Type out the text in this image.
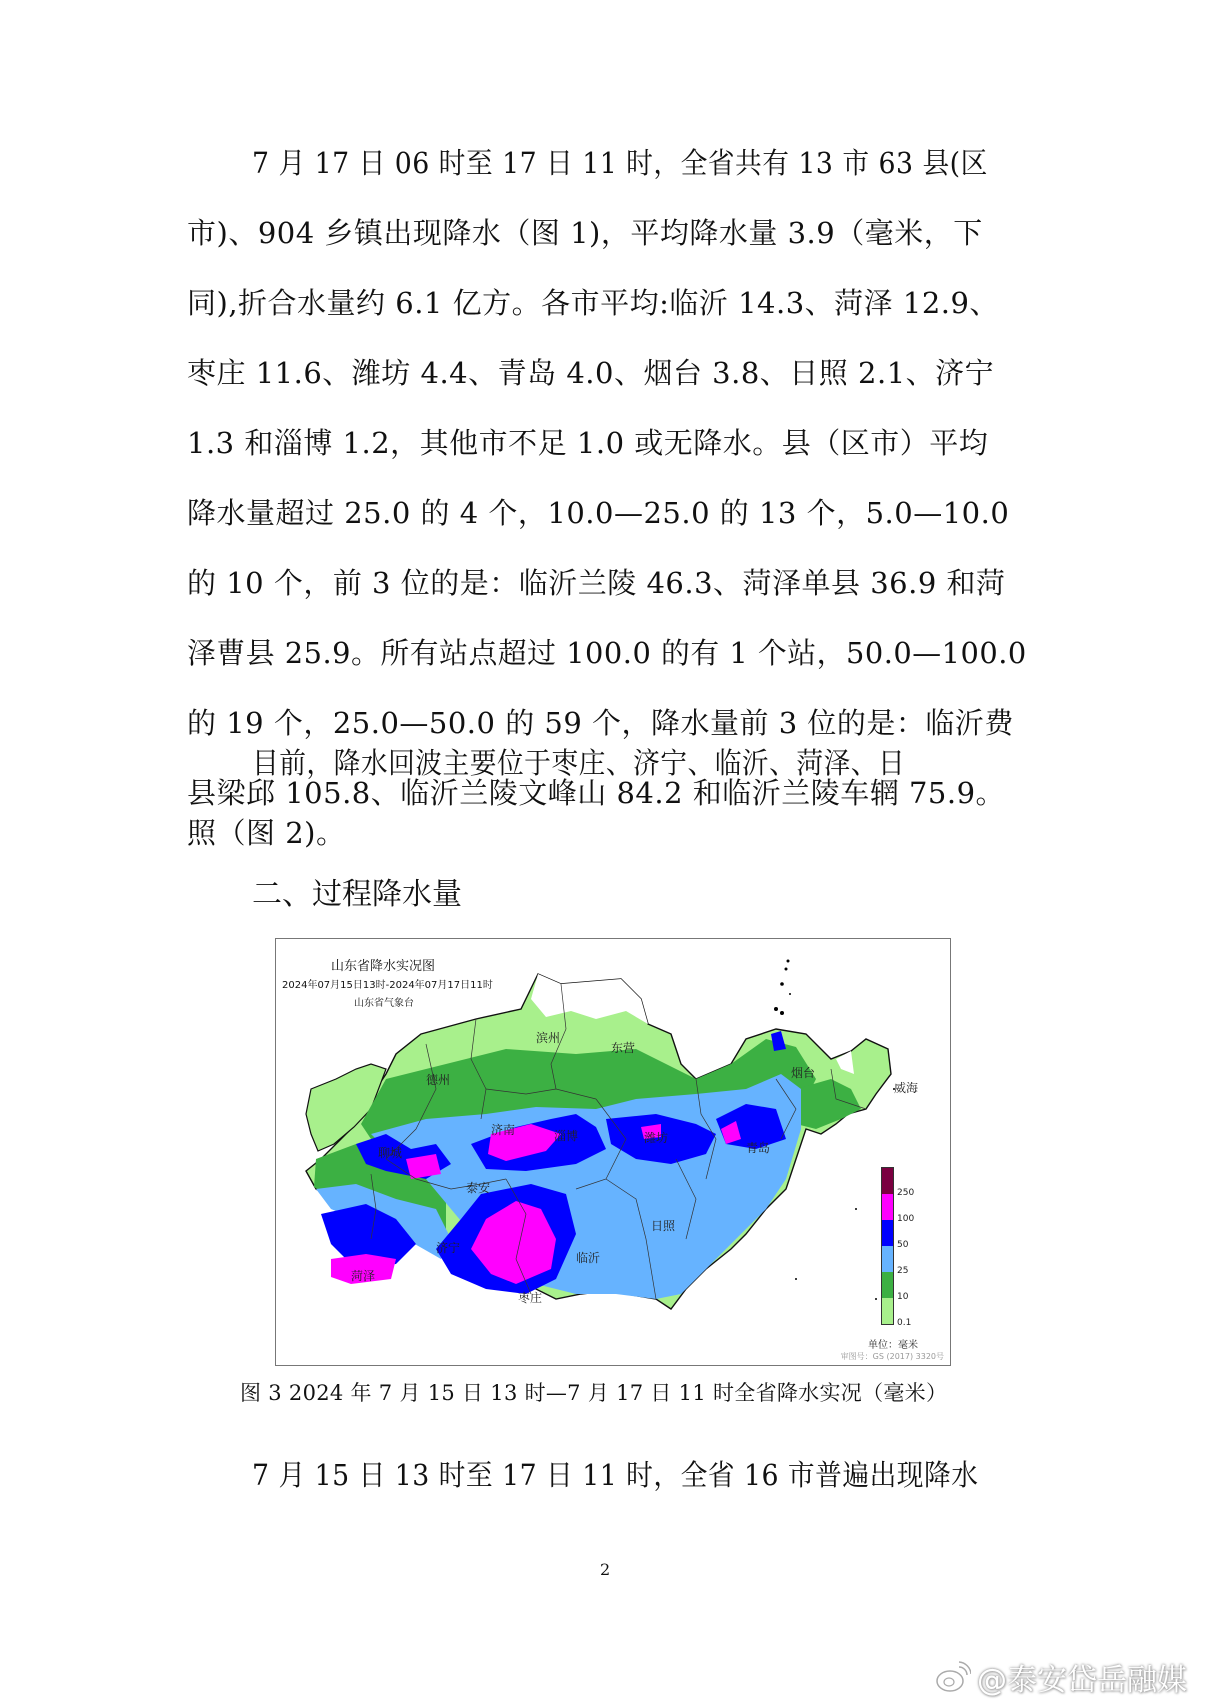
7 月 17 日 06 时至 17 日 11 时，全省共有 13 市 63 县(区
市)、904 乡镇出现降水（图 1)，平均降水量 3.9（毫米，下
同),折合水量约 6.1 亿方。各市平均:临沂 14.3、菏泽 12.9、
枣庄 11.6、潍坊 4.4、青岛 4.0、烟台 3.8、日照 2.1、济宁
1.3 和淄博 1.2，其他市不足 1.0 或无降水。县（区市）平均
降水量超过 25.0 的 4 个，10.0—25.0 的 13 个，5.0—10.0
的 10 个，前 3 位的是：临沂兰陵 46.3、菏泽单县 36.9 和菏
泽曹县 25.9。所有站点超过 100.0 的有 1 个站，50.0—100.0
的 19 个，25.0—50.0 的 59 个，降水量前 3 位的是：临沂费
县梁邱 105.8、临沂兰陵文峰山 84.2 和临沂兰陵车辋 75.9。
目前，降水回波主要位于枣庄、济宁、临沂、菏泽、日
照（图 2)。
二、过程降水量
山东省降水实况图
2024年07月15日13时-2024年07月17日11时
山东省气象台
滨州
东营
德州	烟台
威海
济南	淄博	潍坊
青岛
聊城
泰安
日照
济宁
临沂
菏泽
枣庄
250
100
50
25
10
0.1
单位：毫米
审图号：GS (2017) 3320号
图 3 2024 年 7 月 15 日 13 时—7 月 17 日 11 时全省降水实况（毫米）
7 月 15 日 13 时至 17 日 11 时，全省 16 市普遍出现降水
2
@泰安岱岳融媒
